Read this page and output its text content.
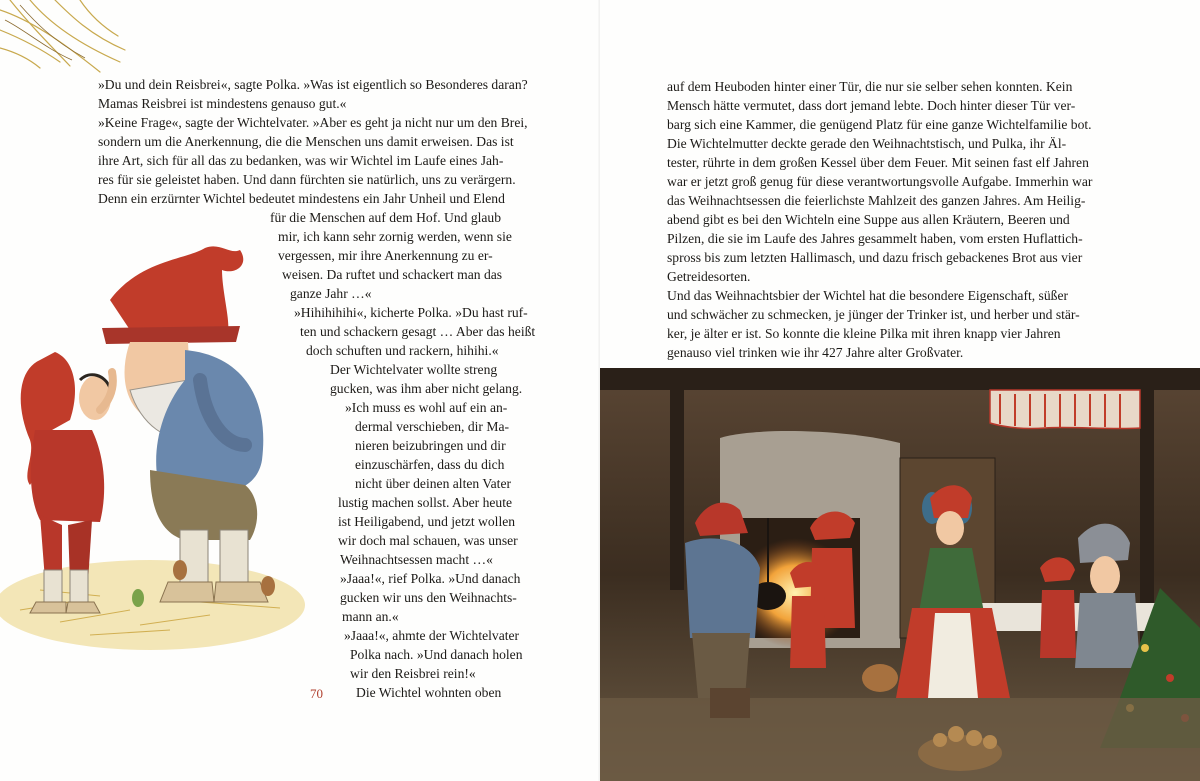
»Du und dein Reisbrei«, sagte Polka. »Was ist eigentlich so Besonderes daran?
Mamas Reisbrei ist mindestens genauso gut.«
»Keine Frage«, sagte der Wichtelvater. »Aber es geht ja nicht nur um den Brei,
sondern um die Anerkennung, die die Menschen uns damit erweisen. Das ist
ihre Art, sich für all das zu bedanken, was wir Wichtel im Laufe eines Jah-
res für sie geleistet haben. Und dann fürchten sie natürlich, uns zu verärgern.
Denn ein erzürnter Wichtel bedeutet mindestens ein Jahr Unheil und Elend
für die Menschen auf dem Hof. Und glaub
mir, ich kann sehr zornig werden, wenn sie
vergessen, mir ihre Anerkennung zu er-
weisen. Da ruftet und schackert man das
ganze Jahr …«
»Hihihihihi«, kicherte Polka. »Du hast ruf-
ten und schackern gesagt … Aber das heißt
doch schuften und rackern, hihihi.«
Der Wichtelvater wollte streng
gucken, was ihm aber nicht gelang.
»Ich muss es wohl auf ein an-
dermal verschieben, dir Ma-
nieren beizubringen und dir
einzuschärfen, dass du dich
nicht über deinen alten Vater
lustig machen sollst. Aber heute
ist Heiligabend, und jetzt wollen
wir doch mal schauen, was unser
Weihnachtsessen macht …«
»Jaaa!«, rief Polka. »Und danach
gucken wir uns den Weihnachts-
mann an.«
»Jaaa!«, ahmte der Wichtelvater
Polka nach. »Und danach holen
wir den Reisbrei rein!«
Die Wichtel wohnten oben
70
auf dem Heuboden hinter einer Tür, die nur sie selber sehen konnten. Kein
Mensch hätte vermutet, dass dort jemand lebte. Doch hinter dieser Tür ver-
barg sich eine Kammer, die genügend Platz für eine ganze Wichtelfamilie bot.
Die Wichtelmutter deckte gerade den Weihnachtstisch, und Pulka, ihr Äl-
tester, rührte in dem großen Kessel über dem Feuer. Mit seinen fast elf Jahren
war er jetzt groß genug für diese verantwortungsvolle Aufgabe. Immerhin war
das Weihnachtsessen die feierlichste Mahlzeit des ganzen Jahres. Am Heilig-
abend gibt es bei den Wichteln eine Suppe aus allen Kräutern, Beeren und
Pilzen, die sie im Laufe des Jahres gesammelt haben, vom ersten Huflattich-
spross bis zum letzten Hallimasch, und dazu frisch gebackenes Brot aus vier
Getreidesorten.
Und das Weihnachtsbier der Wichtel hat die besondere Eigenschaft, süßer
und schwächer zu schmecken, je jünger der Trinker ist, und herber und stär-
ker, je älter er ist. So konnte die kleine Pilka mit ihren knapp vier Jahren
genauso viel trinken wie ihr 427 Jahre alter Großvater.
